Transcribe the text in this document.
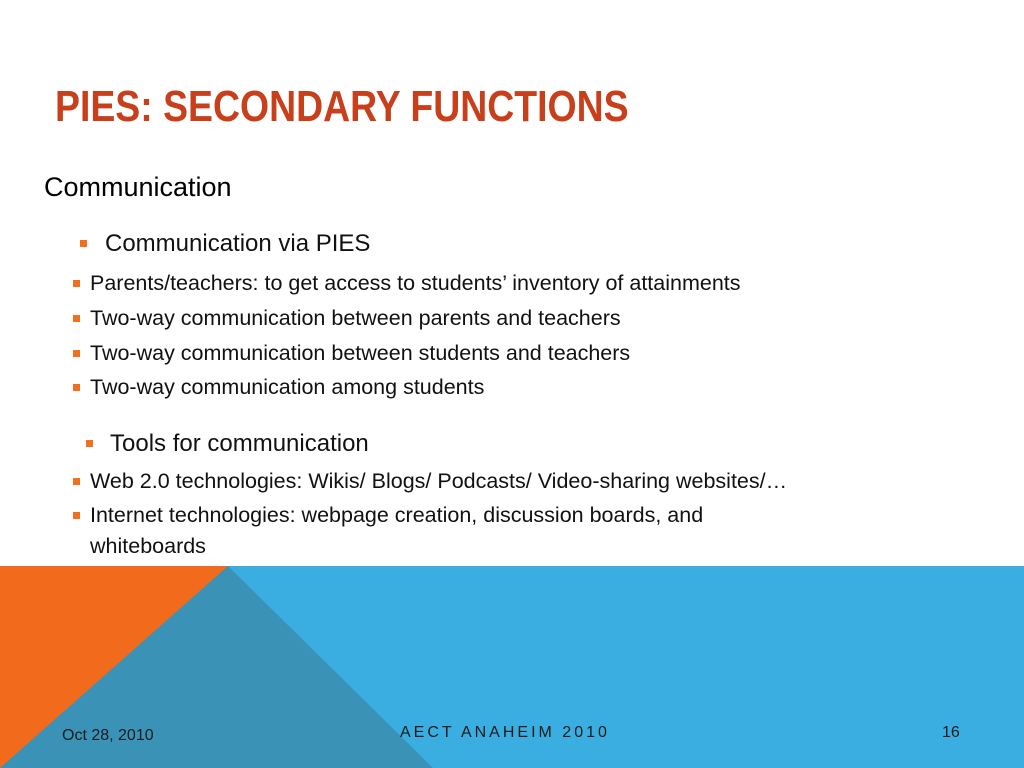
PIES: SECONDARY FUNCTIONS
Communication
Communication via PIES
Parents/teachers: to get access to students’ inventory of attainments
Two-way communication between parents and teachers
Two-way communication between students and teachers
Two-way communication among students
Tools for communication
Web 2.0 technologies: Wikis/ Blogs/ Podcasts/ Video-sharing websites/…
Internet technologies: webpage creation, discussion boards, and
whiteboards
Oct 28, 2010	AECT ANAHEIM 2010	16
